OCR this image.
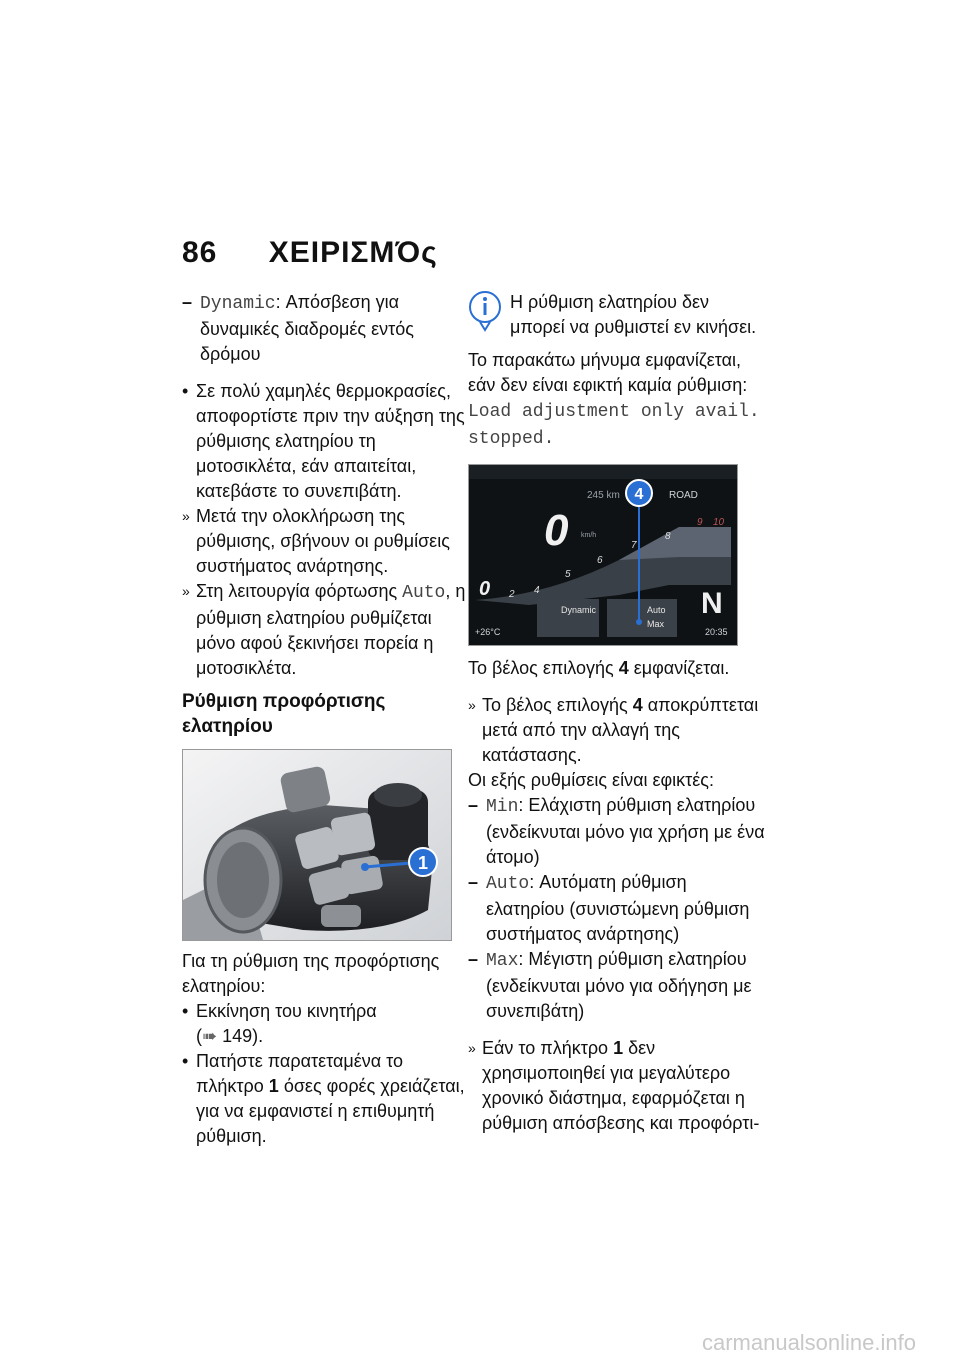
86 ΧΕΙΡΙΣΜΌς
– Dynamic: Απόσβεση για δυναμικές διαδρομές εντός δρόμου
• Σε πολύ χαμηλές θερμοκρασίες, αποφορτίστε πριν την αύξηση της ρύθμισης ελατηρίου τη μοτοσικλέτα, εάν απαιτείται, κατεβάστε το συνεπιβάτη.
» Μετά την ολοκλήρωση της ρύθμισης, σβήνουν οι ρυθμίσεις συστήματος ανάρτησης.
» Στη λειτουργία φόρτωσης Auto, η ρύθμιση ελατηρίου ρυθμίζεται μόνο αφού ξεκινήσει πορεία η μοτοσικλέτα.
Ρύθμιση προφόρτισης ελατηρίου
1
Για τη ρύθμιση της προφόρτισης ελατηρίου:
• Εκκίνηση του κινητήρα
(➠ 149).
• Πατήστε παρατεταμένα το πλήκτρο 1 όσες φορές χρειάζεται, για να εμφανιστεί η επιθυμητή ρύθμιση.
Η ρύθμιση ελατηρίου δεν μπορεί να ρυθμιστεί εν κινήσει.
Το παρακάτω μήνυμα εμφανίζεται, εάν δεν είναι εφικτή καμία ρύθμιση: Load adjustment only avail. stopped.
245 km	ROAD
0 km/h
2 4
5
6
7
8
9 10
0
Dynamic	Auto
Max
N
+26°C	20:35
4
Το βέλος επιλογής 4 εμφανίζεται.
» Το βέλος επιλογής 4 αποκρύπτεται μετά από την αλλαγή της κατάστασης.
Οι εξής ρυθμίσεις είναι εφικτές:
– Min: Ελάχιστη ρύθμιση ελατηρίου (ενδείκνυται μόνο για χρήση με ένα άτομο)
– Auto: Αυτόματη ρύθμιση ελατηρίου (συνιστώμενη ρύθμιση συστήματος ανάρτησης)
– Max: Μέγιστη ρύθμιση ελατηρίου (ενδείκνυται μόνο για οδήγηση με συνεπιβάτη)
» Εάν το πλήκτρο 1 δεν χρησιμοποιηθεί για μεγαλύτερο χρονικό διάστημα, εφαρμόζεται η ρύθμιση απόσβεσης και προφόρτι-
carmanualsonline.info
